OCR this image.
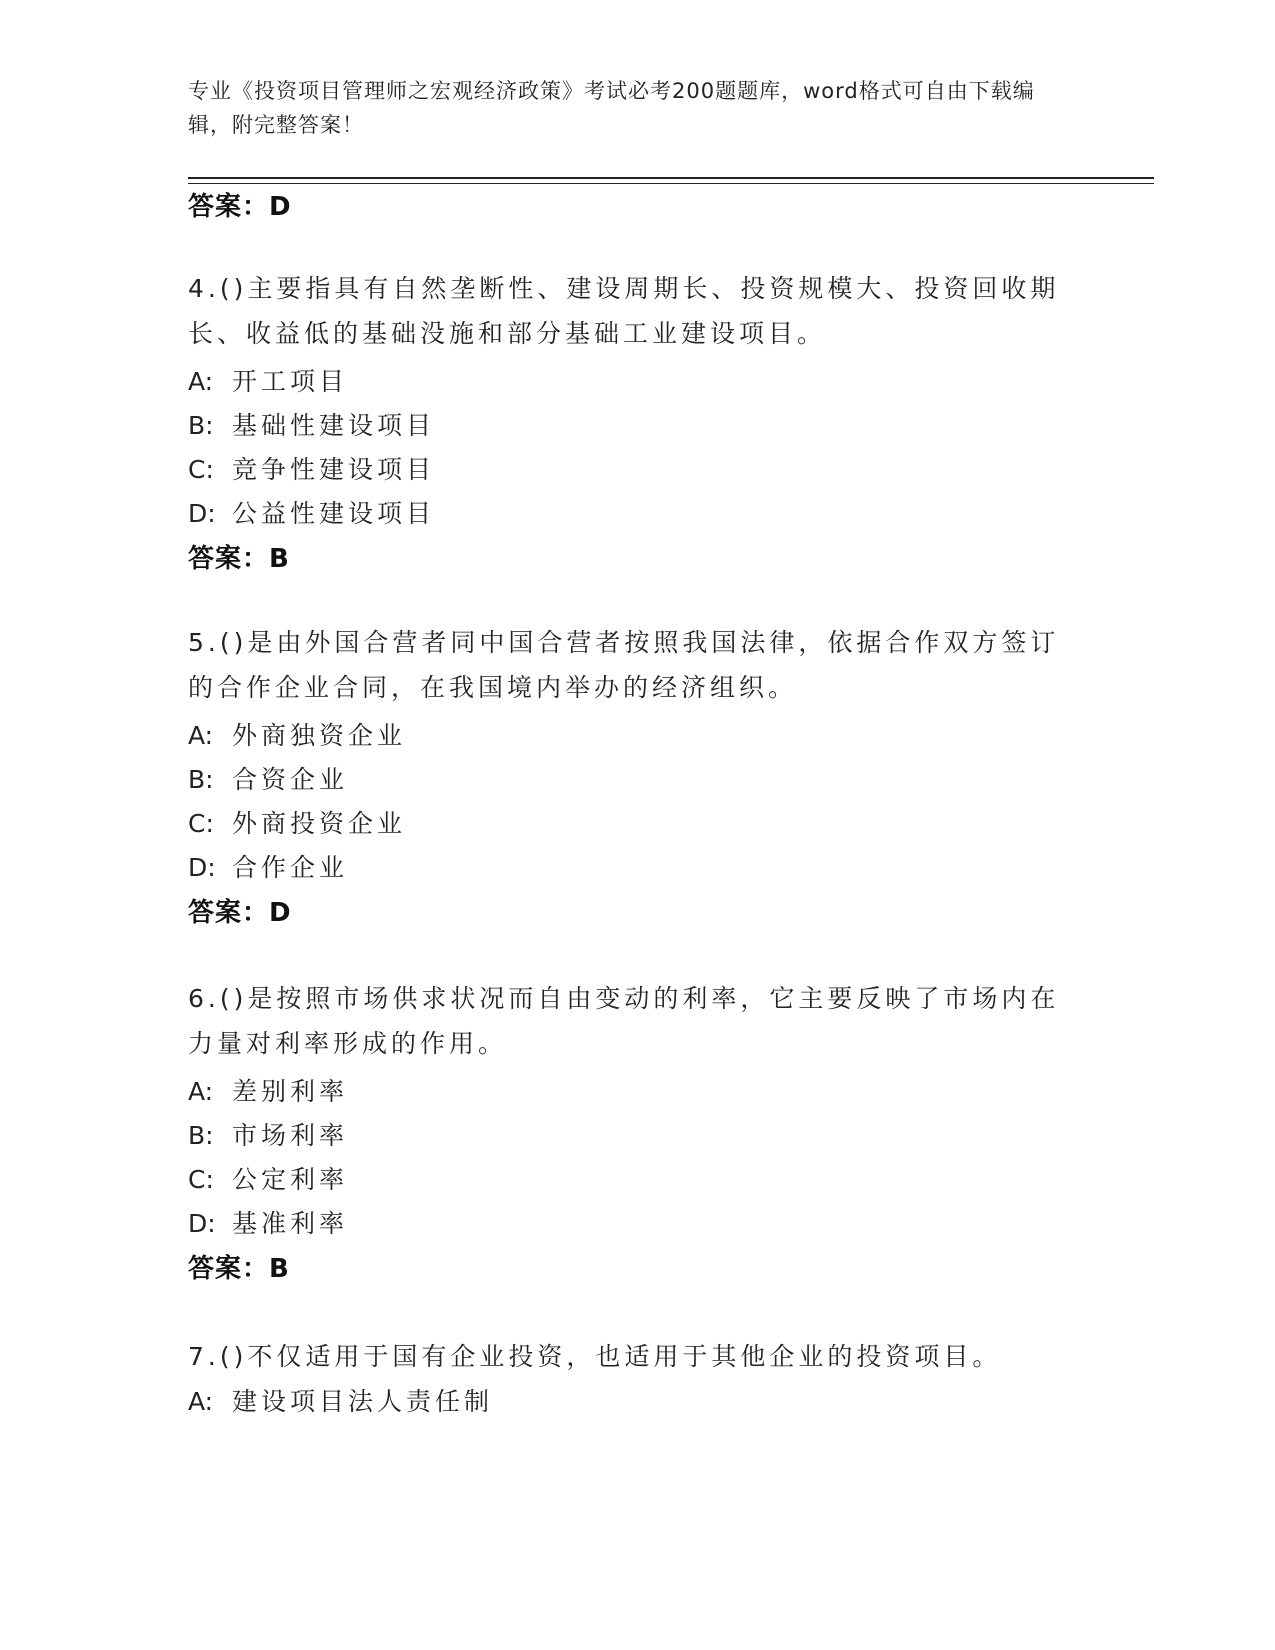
专业《投资项目管理师之宏观经济政策》考试必考200题题库，word格式可自由下载编辑，附完整答案！
答案：D
4.()主要指具有自然垄断性、建设周期长、投资规模大、投资回收期长、收益低的基础没施和部分基础工业建设项目。
A: 开工项目
B: 基础性建设项目
C: 竞争性建设项目
D: 公益性建设项目
答案：B
5.()是由外国合营者同中国合营者按照我国法律，依据合作双方签订的合作企业合同，在我国境内举办的经济组织。
A: 外商独资企业
B: 合资企业
C: 外商投资企业
D: 合作企业
答案：D
6.()是按照市场供求状况而自由变动的利率，它主要反映了市场内在力量对利率形成的作用。
A: 差别利率
B: 市场利率
C: 公定利率
D: 基准利率
答案：B
7.()不仅适用于国有企业投资，也适用于其他企业的投资项目。
A: 建设项目法人责任制
